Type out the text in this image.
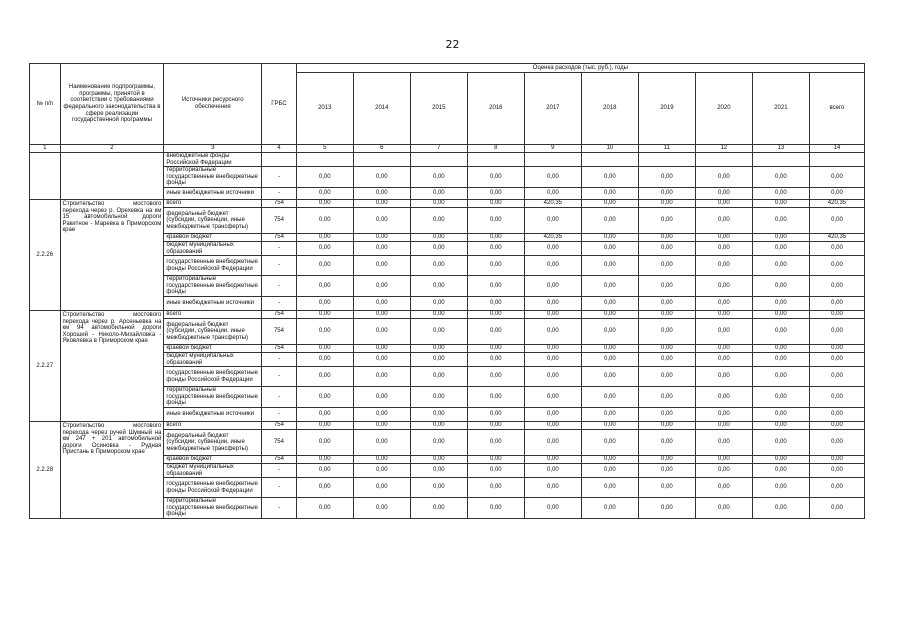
22
№ п/п	Наименование подпрограммы, программы, принятой в соответствии с требованиями федерального законодательства в сфере реализации государственной программы	Источники ресурсного обеспечения	ГРБС	Оценка расходов (тыс. руб.), годы									
				2013	2014	2015	2016	2017	2018	2019	2020	2021	всего
1	2	3	4	5	6	7	8	9	10	11	12	13	14
		внебюджетные фонды Российской Федерации											
		территориальные государственные внебюджетные фонды	-	0,00	0,00	0,00	0,00	0,00	0,00	0,00	0,00	0,00	0,00
		иные внебюджетные источники	-	0,00	0,00	0,00	0,00	0,00	0,00	0,00	0,00	0,00	0,00
2.2.26	Строительство мостового перехода через р. Орехевка на км 15 автомобильной дороги Ракитное - Маревка в Приморском крае	всего	754	0,00	0,00	0,00	0,00	420,35	0,00	0,00	0,00	0,00	420,35
		федеральный бюджет (субсидии, субвенции, иные межбюджетные трансферты)	754	0,00	0,00	0,00	0,00	0,00	0,00	0,00	0,00	0,00	0,00
		краевой бюджет	754	0,00	0,00	0,00	0,00	420,35	0,00	0,00	0,00	0,00	420,35
		бюджет муниципальных образований	-	0,00	0,00	0,00	0,00	0,00	0,00	0,00	0,00	0,00	0,00
		государственные внебюджетные фонды Российской Федерации	-	0,00	0,00	0,00	0,00	0,00	0,00	0,00	0,00	0,00	0,00
		территориальные государственные внебюджетные фонды	-	0,00	0,00	0,00	0,00	0,00	0,00	0,00	0,00	0,00	0,00
		иные внебюджетные источники	-	0,00	0,00	0,00	0,00	0,00	0,00	0,00	0,00	0,00	0,00
2.2.27	Строительство мостового перехода через р. Арсеньевка на км 94 автомобильной дороги Хороший - Николо-Михайловка - Яковлевка в Приморском крае	всего	754	0,00	0,00	0,00	0,00	0,00	0,00	0,00	0,00	0,00	0,00
		федеральный бюджет (субсидии, субвенции, иные межбюджетные трансферты)	754	0,00	0,00	0,00	0,00	0,00	0,00	0,00	0,00	0,00	0,00
		краевой бюджет	754	0,00	0,00	0,00	0,00	0,00	0,00	0,00	0,00	0,00	0,00
		бюджет муниципальных образований	-	0,00	0,00	0,00	0,00	0,00	0,00	0,00	0,00	0,00	0,00
		государственные внебюджетные фонды Российской Федерации	-	0,00	0,00	0,00	0,00	0,00	0,00	0,00	0,00	0,00	0,00
		территориальные государственные внебюджетные фонды	-	0,00	0,00	0,00	0,00	0,00	0,00	0,00	0,00	0,00	0,00
		иные внебюджетные источники	-	0,00	0,00	0,00	0,00	0,00	0,00	0,00	0,00	0,00	0,00
2.2.28	Строительство мостового перехода через ручей Шумный на км 247 + 201 автомобильной дороги Осиновка - Рудная Пристань в Приморском крае	всего	754	0,00	0,00	0,00	0,00	0,00	0,00	0,00	0,00	0,00	0,00
		федеральный бюджет (субсидии, субвенции, иные межбюджетные трансферты)	754	0,00	0,00	0,00	0,00	0,00	0,00	0,00	0,00	0,00	0,00
		краевой бюджет	754	0,00	0,00	0,00	0,00	0,00	0,00	0,00	0,00	0,00	0,00
		бюджет муниципальных образований	-	0,00	0,00	0,00	0,00	0,00	0,00	0,00	0,00	0,00	0,00
		государственные внебюджетные фонды Российской Федерации	-	0,00	0,00	0,00	0,00	0,00	0,00	0,00	0,00	0,00	0,00
		территориальные государственные внебюджетные фонды	-	0,00	0,00	0,00	0,00	0,00	0,00	0,00	0,00	0,00	0,00
